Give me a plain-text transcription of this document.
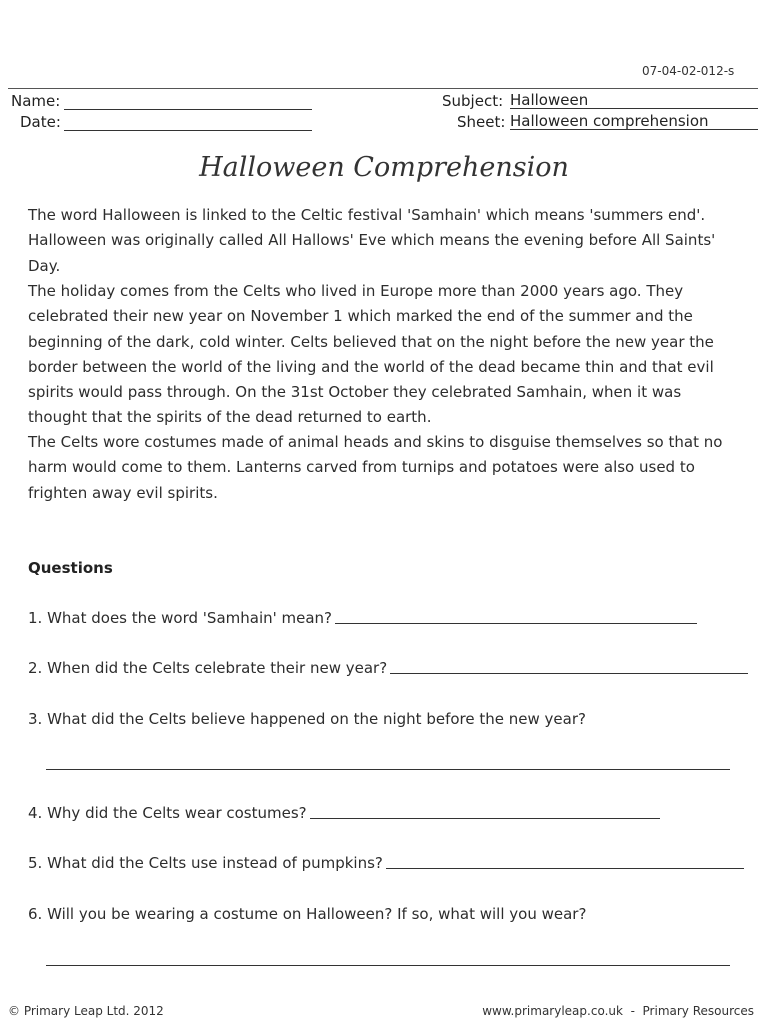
07-04-02-012-s
Name:
Date:
Subject: Halloween
Sheet: Halloween comprehension
Halloween Comprehension
The word Halloween is linked to the Celtic festival 'Samhain' which means 'summers end'. Halloween was originally called All Hallows' Eve which means the evening before All Saints' Day.
The holiday comes from the Celts who lived in Europe more than 2000 years ago. They celebrated their new year on November 1 which marked the end of the summer and the beginning of the dark, cold winter. Celts believed that on the night before the new year the border between the world of the living and the world of the dead became thin and that evil spirits would pass through. On the 31st October they celebrated Samhain, when it was thought that the spirits of the dead returned to earth.
The Celts wore costumes made of animal heads and skins to disguise themselves so that no harm would come to them. Lanterns carved from turnips and potatoes were also used to frighten away evil spirits.
Questions
1. What does the word 'Samhain' mean?
2. When did the Celts celebrate their new year?
3. What did the Celts believe happened on the night before the new year?
4. Why did the Celts wear costumes?
5. What did the Celts use instead of pumpkins?
6. Will you be wearing a costume on Halloween? If so, what will you wear?
© Primary Leap Ltd. 2012	www.primaryleap.co.uk  -  Primary Resources
